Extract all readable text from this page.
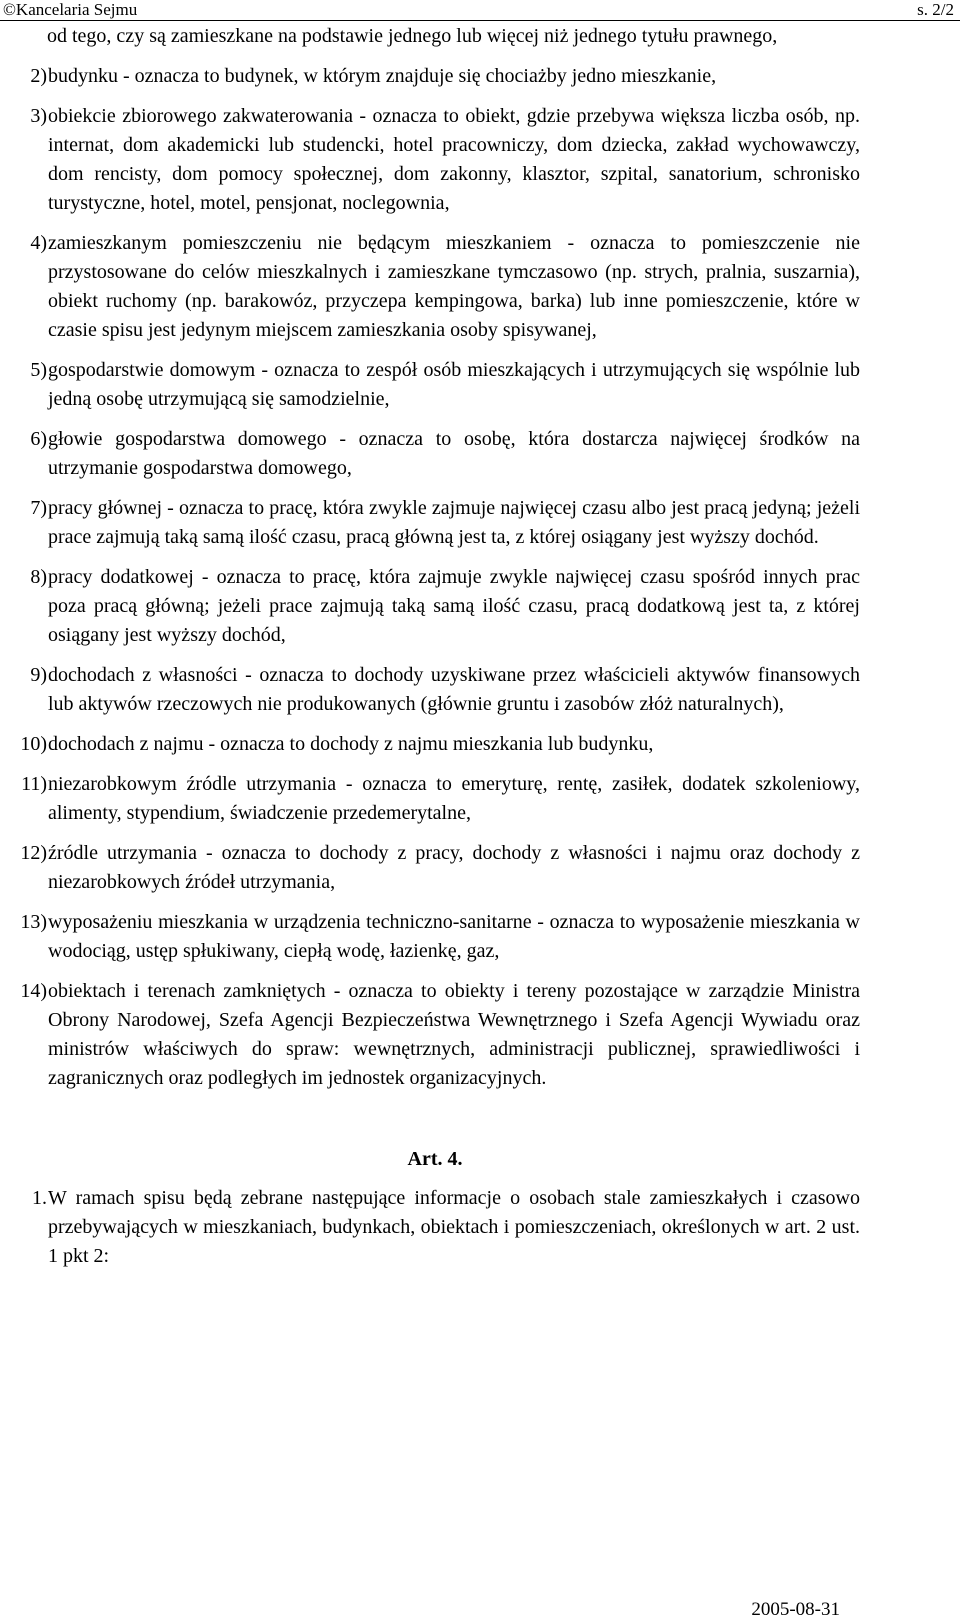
©Kancelaria Sejmu	s. 2/2
od tego, czy są zamieszkane na podstawie jednego lub więcej niż jednego tytułu prawnego,
2) budynku - oznacza to budynek, w którym znajduje się chociażby jedno mieszkanie,
3) obiekcie zbiorowego zakwaterowania - oznacza to obiekt, gdzie przebywa większa liczba osób, np. internat, dom akademicki lub studencki, hotel pracowniczy, dom dziecka, zakład wychowawczy, dom rencisty, dom pomocy społecznej, dom zakonny, klasztor, szpital, sanatorium, schronisko turystyczne, hotel, motel, pensjonat, noclegownia,
4) zamieszkanym pomieszczeniu nie będącym mieszkaniem - oznacza to pomieszczenie nie przystosowane do celów mieszkalnych i zamieszkane tymczasowo (np. strych, pralnia, suszarnia), obiekt ruchomy (np. barakowóz, przyczepa kempingowa, barka) lub inne pomieszczenie, które w czasie spisu jest jedynym miejscem zamieszkania osoby spisywanej,
5) gospodarstwie domowym - oznacza to zespół osób mieszkających i utrzymujących się wspólnie lub jedną osobę utrzymującą się samodzielnie,
6) głowie gospodarstwa domowego - oznacza to osobę, która dostarcza najwięcej środków na utrzymanie gospodarstwa domowego,
7) pracy głównej - oznacza to pracę, która zwykle zajmuje najwięcej czasu albo jest pracą jedyną; jeżeli prace zajmują taką samą ilość czasu, pracą główną jest ta, z której osiągany jest wyższy dochód.
8) pracy dodatkowej - oznacza to pracę, która zajmuje zwykle najwięcej czasu spośród innych prac poza pracą główną; jeżeli prace zajmują taką samą ilość czasu, pracą dodatkową jest ta, z której osiągany jest wyższy dochód,
9) dochodach z własności - oznacza to dochody uzyskiwane przez właścicieli aktywów finansowych lub aktywów rzeczowych nie produkowanych (głównie gruntu i zasobów złóż naturalnych),
10) dochodach z najmu - oznacza to dochody z najmu mieszkania lub budynku,
11) niezarobkowym źródle utrzymania - oznacza to emeryturę, rentę, zasiłek, dodatek szkoleniowy, alimenty, stypendium, świadczenie przedemerytalne,
12) źródle utrzymania - oznacza to dochody z pracy, dochody z własności i najmu oraz dochody z niezarobkowych źródeł utrzymania,
13) wyposażeniu mieszkania w urządzenia techniczno-sanitarne - oznacza to wyposażenie mieszkania w wodociąg, ustęp spłukiwany, ciepłą wodę, łazienkę, gaz,
14) obiektach i terenach zamkniętych - oznacza to obiekty i tereny pozostające w zarządzie Ministra Obrony Narodowej, Szefa Agencji Bezpieczeństwa Wewnętrznego i Szefa Agencji Wywiadu oraz ministrów właściwych do spraw: wewnętrznych, administracji publicznej, sprawiedliwości i zagranicznych oraz podległych im jednostek organizacyjnych.
Art. 4.
1. W ramach spisu będą zebrane następujące informacje o osobach stale zamieszkałych i czasowo przebywających w mieszkaniach, budynkach, obiektach i pomieszczeniach, określonych w art. 2 ust. 1 pkt 2:
2005-08-31
